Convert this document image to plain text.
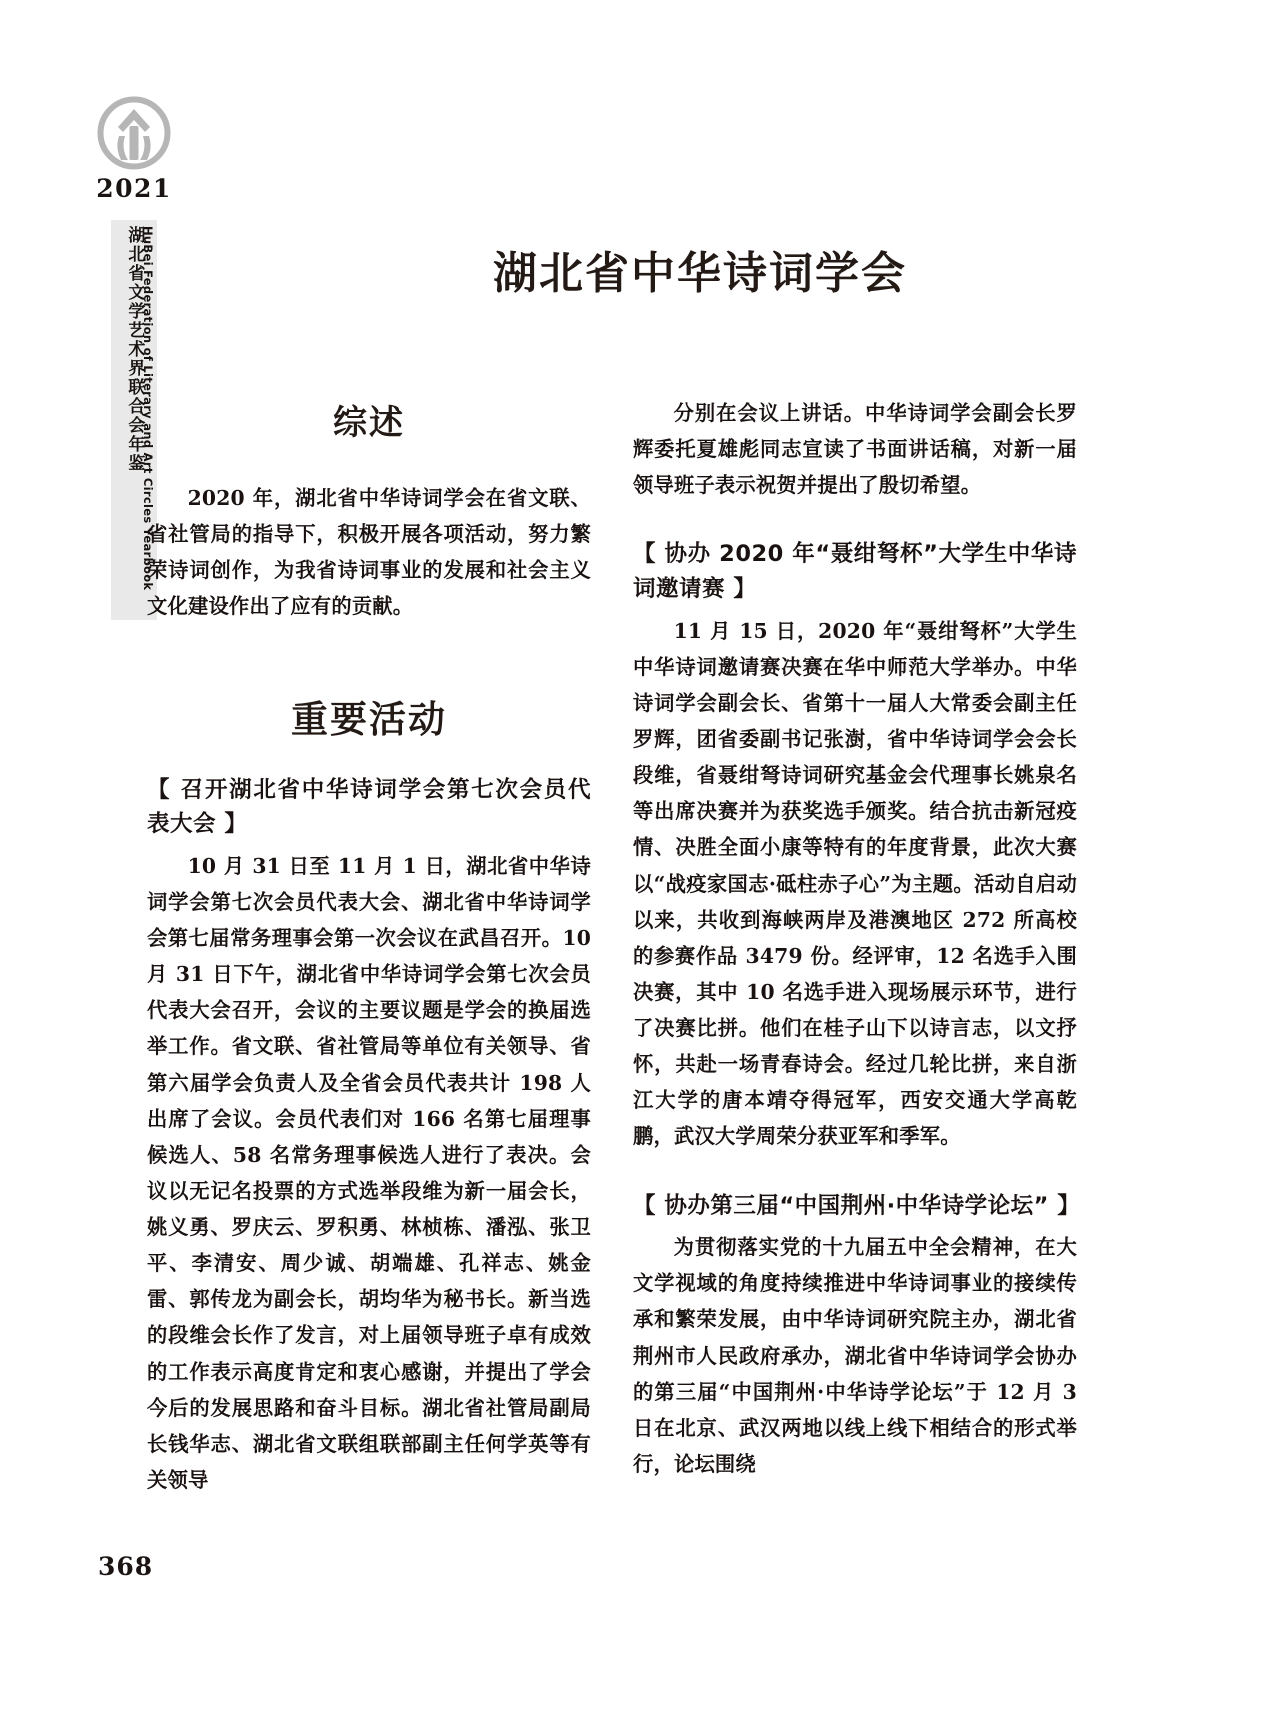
2021
湖北省文学艺术界联合会年鉴
HuBei Federation of Literary and Art Circles Yearbook	湖北省中华诗词学会
综述

2020 年，湖北省中华诗词学会在省文联、省社管局的指导下，积极开展各项活动，努力繁荣诗词创作，为我省诗词事业的发展和社会主义文化建设作出了应有的贡献。

重要活动
【 召开湖北省中华诗词学会第七次会员代表大会 】

10 月 31 日至 11 月 1 日，湖北省中华诗词学会第七次会员代表大会、湖北省中华诗词学会第七届常务理事会第一次会议在武昌召开。10 月 31 日下午，湖北省中华诗词学会第七次会员代表大会召开，会议的主要议题是学会的换届选举工作。省文联、省社管局等单位有关领导、省第六届学会负责人及全省会员代表共计 198 人出席了会议。会员代表们对 166 名第七届理事候选人、58 名常务理事候选人进行了表决。会议以无记名投票的方式选举段维为新一届会长，姚义勇、罗庆云、罗积勇、林桢栋、潘泓、张卫平、李清安、周少诚、胡端雄、孔祥志、姚金雷、郭传龙为副会长，胡均华为秘书长。新当选的段维会长作了发言，对上届领导班子卓有成效的工作表示高度肯定和衷心感谢，并提出了学会今后的发展思路和奋斗目标。湖北省社管局副局长钱华志、湖北省文联组联部副主任何学英等有关领导

分别在会议上讲话。中华诗词学会副会长罗辉委托夏雄彪同志宣读了书面讲话稿，对新一届领导班子表示祝贺并提出了殷切希望。

【 协办 2020 年“聂绀弩杯”大学生中华诗词邀请赛 】

11 月 15 日，2020 年“聂绀弩杯”大学生中华诗词邀请赛决赛在华中师范大学举办。中华诗词学会副会长、省第十一届人大常委会副主任罗辉，团省委副书记张澍，省中华诗词学会会长段维，省聂绀弩诗词研究基金会代理事长姚泉名等出席决赛并为获奖选手颁奖。结合抗击新冠疫情、决胜全面小康等特有的年度背景，此次大赛以“战疫家国志·砥柱赤子心”为主题。活动自启动以来，共收到海峡两岸及港澳地区 272 所高校的参赛作品 3479 份。经评审，12 名选手入围决赛，其中 10 名选手进入现场展示环节，进行了决赛比拼。他们在桂子山下以诗言志，以文抒怀，共赴一场青春诗会。经过几轮比拼，来自浙江大学的唐本靖夺得冠军，西安交通大学高乾鹏，武汉大学周荣分获亚军和季军。

【 协办第三届“中国荆州·中华诗学论坛” 】

为贯彻落实党的十九届五中全会精神，在大文学视域的角度持续推进中华诗词事业的接续传承和繁荣发展，由中华诗词研究院主办，湖北省荆州市人民政府承办，湖北省中华诗词学会协办的第三届“中国荆州·中华诗学论坛”于 12 月 3 日在北京、武汉两地以线上线下相结合的形式举行，论坛围绕

368
